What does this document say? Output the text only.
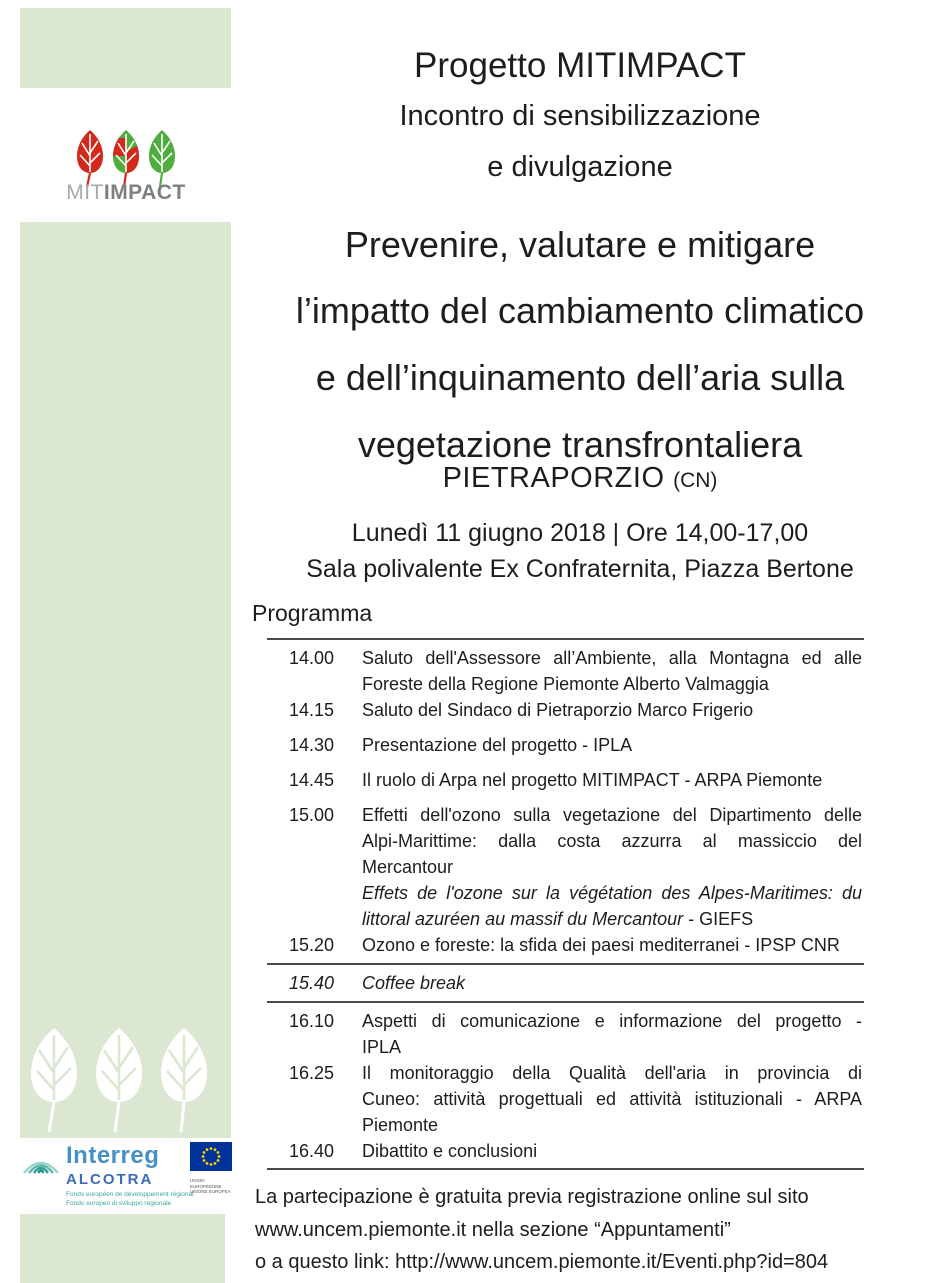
MITIMPACT
Interreg
ALCOTRA
Fonds européen de développement régional
Fondo europeo di sviluppo regionale
UNION EUROPÉENNE
UNIONE EUROPEA
Progetto MITIMPACT
Incontro di sensibilizzazione
e divulgazione
Prevenire, valutare e mitigare
l’impatto del cambiamento climatico
e dell’inquinamento dell’aria sulla
vegetazione transfrontaliera
PIETRAPORZIO (CN)
Lunedì 11 giugno 2018 | Ore 14,00-17,00
Sala polivalente Ex Confraternita, Piazza Bertone
Programma
14.00	Saluto dell'Assessore all’Ambiente, alla Montagna ed alle
Foreste della Regione Piemonte Alberto Valmaggia
14.15	Saluto del Sindaco di Pietraporzio Marco Frigerio
14.30	Presentazione del progetto - IPLA
14.45	Il ruolo di Arpa nel progetto MITIMPACT - ARPA Piemonte
15.00	Effetti dell'ozono sulla vegetazione del Dipartimento delle
Alpi-Marittime: dalla costa azzurra al massiccio del
Mercantour
Effets de l'ozone sur la végétation des Alpes-Maritimes: du
littoral azuréen au massif du Mercantour - GIEFS
15.20	Ozono e foreste: la sfida dei paesi mediterranei - IPSP CNR
15.40	Coffee break
16.10	Aspetti di comunicazione e informazione del progetto -
IPLA
16.25	Il monitoraggio della Qualità dell'aria in provincia di
Cuneo: attività progettuali ed attività istituzionali - ARPA
Piemonte
16.40	Dibattito e conclusioni
La partecipazione è gratuita previa registrazione online sul sito
www.uncem.piemonte.it nella sezione “Appuntamenti”
o a questo link: http://www.uncem.piemonte.it/Eventi.php?id=804
